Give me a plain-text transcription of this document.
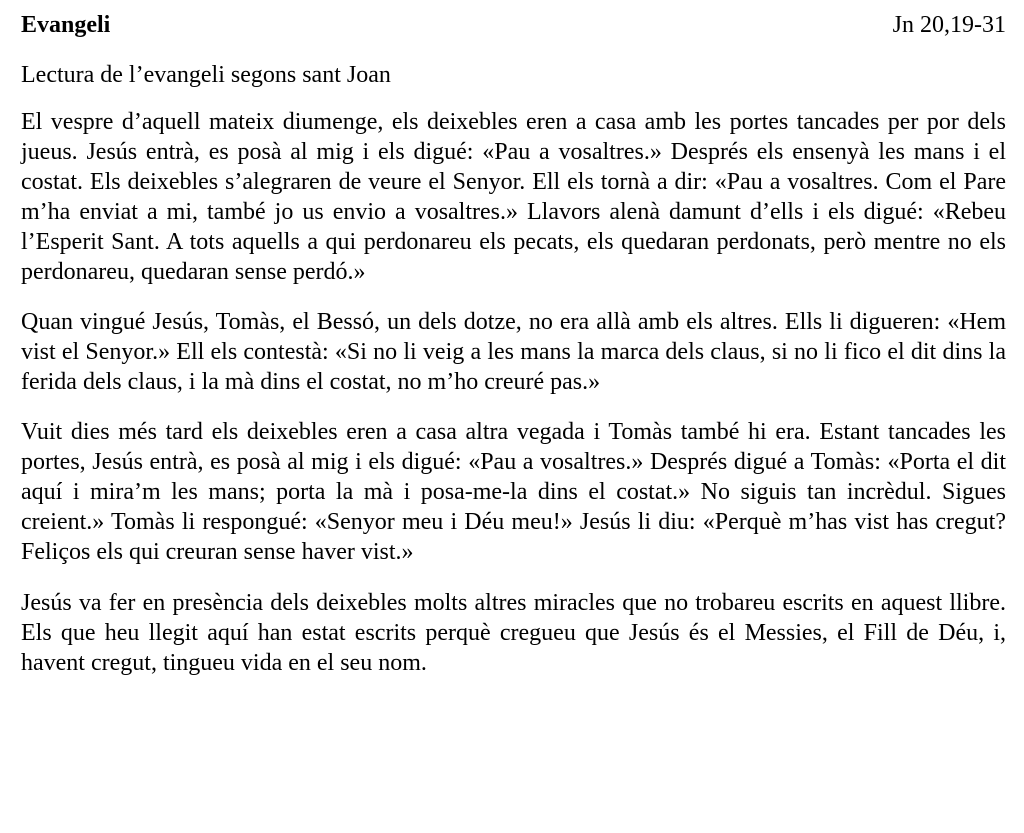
Evangeli	Jn 20,19-31
Lectura de l’evangeli segons sant Joan

El vespre d’aquell mateix diumenge, els deixebles eren a casa amb les portes tancades per por dels jueus. Jesús entrà, es posà al mig i els digué: «Pau a vosaltres.» Després els ensenyà les mans i el costat. Els deixebles s’alegraren de veure el Senyor. Ell els tornà a dir: «Pau a vosaltres. Com el Pare m’ha enviat a mi, també jo us envio a vosaltres.» Llavors alenà damunt d’ells i els digué: «Rebeu l’Esperit Sant. A tots aquells a qui perdonareu els pecats, els quedaran perdonats, però mentre no els perdonareu, quedaran sense perdó.»

Quan vingué Jesús, Tomàs, el Bessó, un dels dotze, no era allà amb els altres. Ells li digueren: «Hem vist el Senyor.» Ell els contestà: «Si no li veig a les mans la marca dels claus, si no li fico el dit dins la ferida dels claus, i la mà dins el costat, no m’ho creuré pas.»

Vuit dies més tard els deixebles eren a casa altra vegada i Tomàs també hi era. Estant tancades les portes, Jesús entrà, es posà al mig i els digué: «Pau a vosaltres.» Després digué a Tomàs: «Porta el dit aquí i mira’m les mans; porta la mà i posa-me-la dins el costat.» No siguis tan incrèdul. Sigues creient.» Tomàs li respongué: «Senyor meu i Déu meu!» Jesús li diu: «Perquè m’has vist has cregut? Feliços els qui creuran sense haver vist.»

Jesús va fer en presència dels deixebles molts altres miracles que no trobareu escrits en aquest llibre. Els que heu llegit aquí han estat escrits perquè cregueu que Jesús és el Messies, el Fill de Déu, i, havent cregut, tingueu vida en el seu nom.
